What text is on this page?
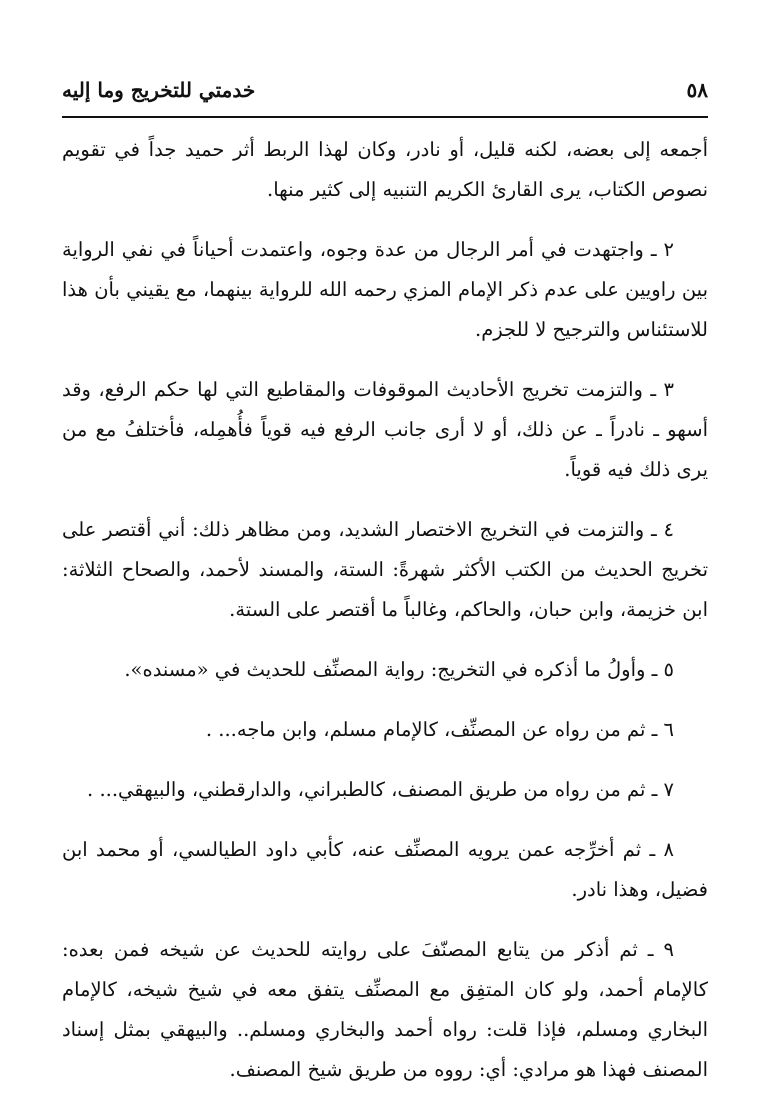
٥٨
خدمتي للتخريج وما إليه

أجمعه إلى بعضه، لكنه قليل، أو نادر، وكان لهذا الربط أثر حميد جداً في تقويم نصوص الكتاب، يرى القارئ الكريم التنبيه إلى كثير منها.

٢ ـ واجتهدت في أمر الرجال من عدة وجوه، واعتمدت أحياناً في نفي الرواية بين راويين على عدم ذكر الإمام المزي رحمه الله للرواية بينهما، مع يقيني بأن هذا للاستئناس والترجيح لا للجزم.

٣ ـ والتزمت تخريج الأحاديث الموقوفات والمقاطيع التي لها حكم الرفع، وقد أسهو ـ نادراً ـ عن ذلك، أو لا أرى جانب الرفع فيه قوياً فأُهمِله، فأختلفُ مع من يرى ذلك فيه قوياً.

٤ ـ والتزمت في التخريج الاختصار الشديد، ومن مظاهر ذلك: أني أقتصر على تخريج الحديث من الكتب الأكثر شهرةً: الستة، والمسند لأحمد، والصحاح الثلاثة: ابن خزيمة، وابن حبان، والحاكم، وغالباً ما أقتصر على الستة.

٥ ـ وأولُ ما أذكره في التخريج: رواية المصنِّف للحديث في «مسنده».

٦ ـ ثم من رواه عن المصنِّف، كالإمام مسلم، وابن ماجه... .

٧ ـ ثم من رواه من طريق المصنف، كالطبراني، والدارقطني، والبيهقي... .

٨ ـ ثم أخرِّجه عمن يرويه المصنِّف عنه، كأبي داود الطيالسي، أو محمد ابن فضيل، وهذا نادر.

٩ ـ ثم أذكر من يتابع المصنّفَ على روايته للحديث عن شيخه فمن بعده: كالإمام أحمد، ولو كان المتفِق مع المصنِّف يتفق معه في شيخ شيخه، كالإمام البخاري ومسلم، فإذا قلت: رواه أحمد والبخاري ومسلم.. والبيهقي بمثل إسناد المصنف فهذا هو مرادي: أي: رووه من طريق شيخ المصنف.
